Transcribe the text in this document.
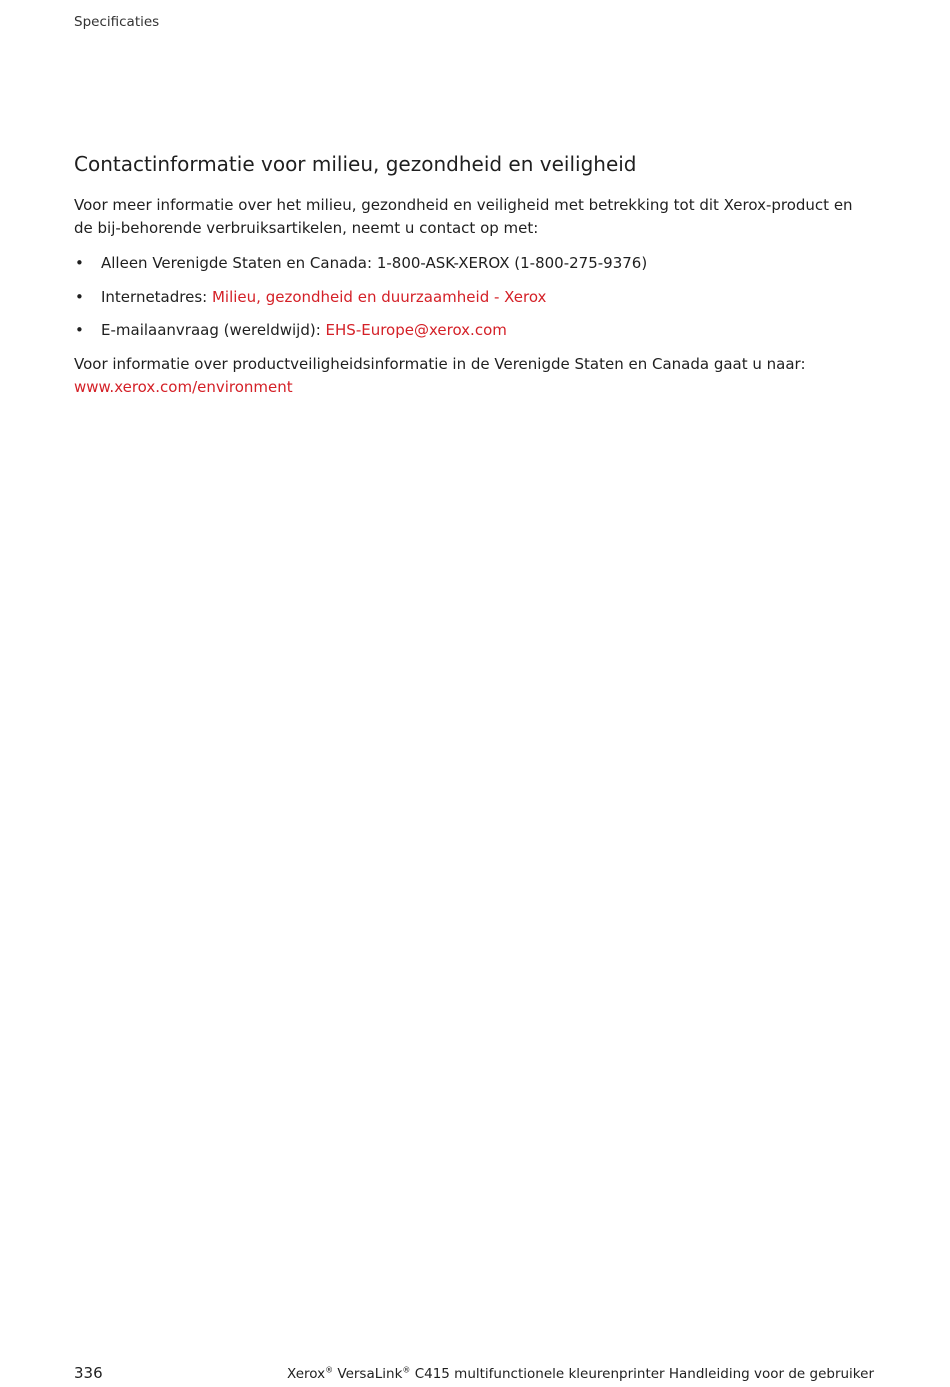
Specificaties
Contactinformatie voor milieu, gezondheid en veiligheid

Voor meer informatie over het milieu, gezondheid en veiligheid met betrekking tot dit Xerox-product en de bij-behorende verbruiksartikelen, neemt u contact op met:

• Alleen Verenigde Staten en Canada: 1-800-ASK-XEROX (1-800-275-9376)
• Internetadres: Milieu, gezondheid en duurzaamheid - Xerox
• E-mailaanvraag (wereldwijd): EHS-Europe@xerox.com

Voor informatie over productveiligheidsinformatie in de Verenigde Staten en Canada gaat u naar: www.xerox.com/environment

336	Xerox® VersaLink® C415 multifunctionele kleurenprinter Handleiding voor de gebruiker
